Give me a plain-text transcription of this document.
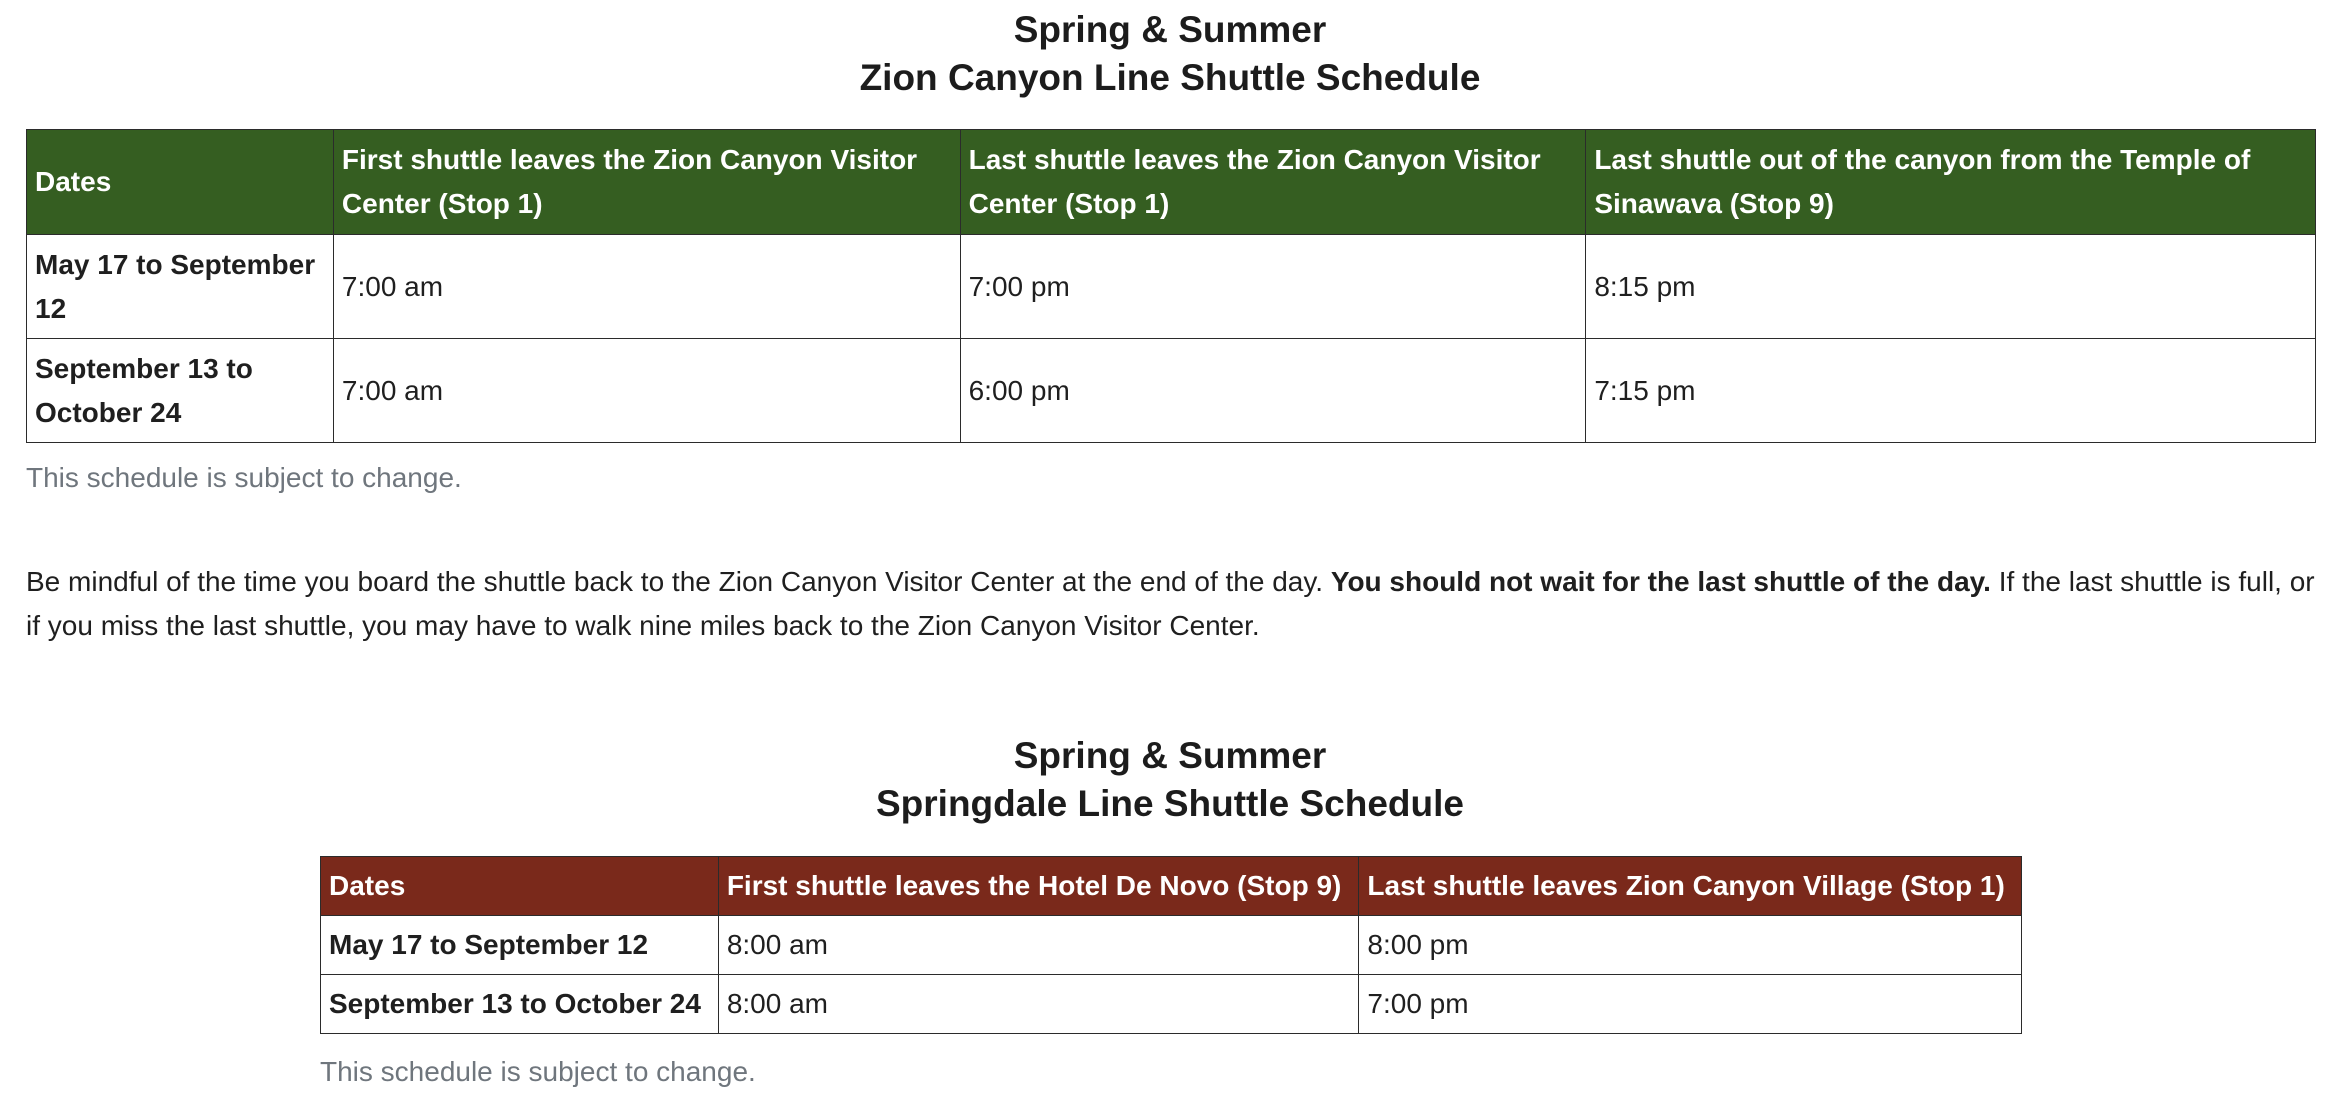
Spring & Summer
Zion Canyon Line Shuttle Schedule
Dates	First shuttle leaves the Zion Canyon Visitor Center (Stop 1)	Last shuttle leaves the Zion Canyon Visitor Center (Stop 1)	Last shuttle out of the canyon from the Temple of Sinawava (Stop 9)
May 17 to September 12	7:00 am	7:00 pm	8:15 pm
September 13 to October 24	7:00 am	6:00 pm	7:15 pm
This schedule is subject to change.

Be mindful of the time you board the shuttle back to the Zion Canyon Visitor Center at the end of the day. You should not wait for the last shuttle of the day. If the last shuttle is full, or if you miss the last shuttle, you may have to walk nine miles back to the Zion Canyon Visitor Center.

Spring & Summer
Springdale Line Shuttle Schedule
Dates	First shuttle leaves the Hotel De Novo (Stop 9)	Last shuttle leaves Zion Canyon Village (Stop 1)
May 17 to September 12	8:00 am	8:00 pm
September 13 to October 24	8:00 am	7:00 pm
This schedule is subject to change.
